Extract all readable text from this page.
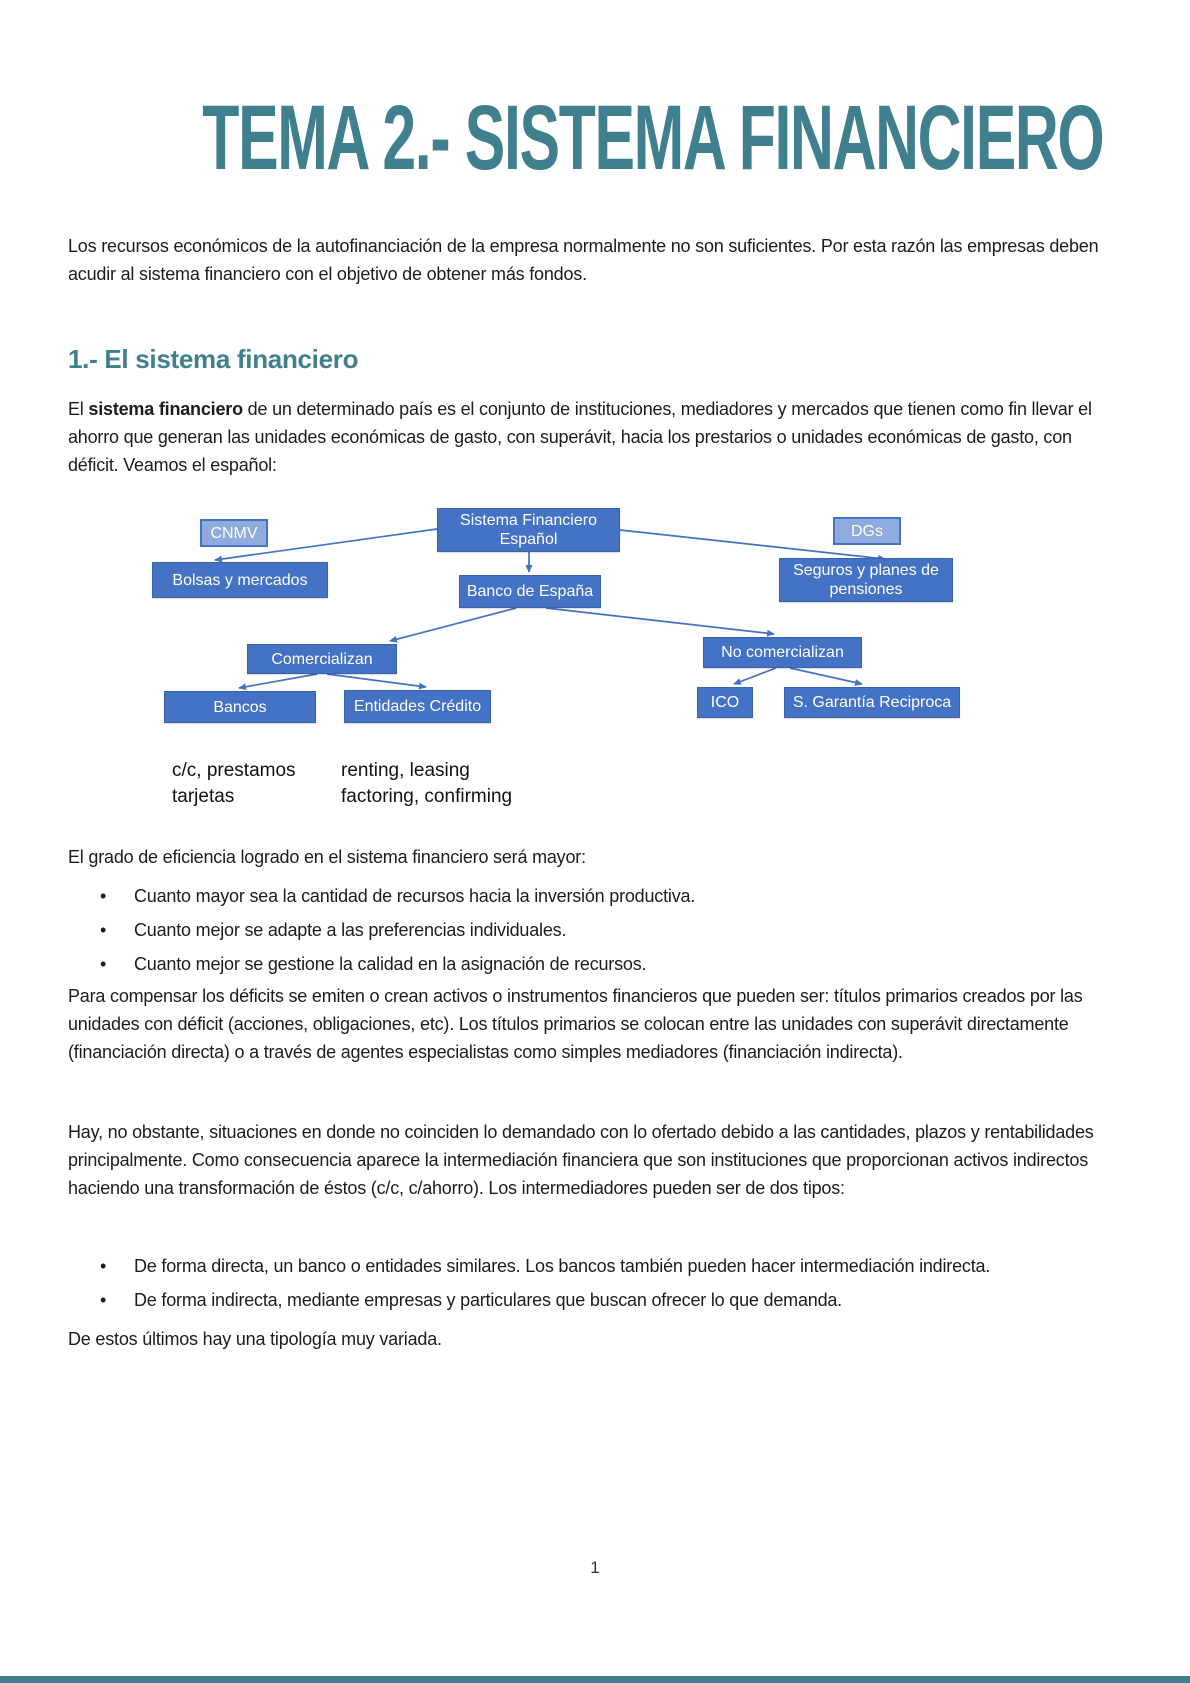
TEMA 2.- SISTEMA FINANCIERO

Los recursos económicos de la autofinanciación de la empresa normalmente no son suficientes. Por esta razón las empresas deben acudir al sistema financiero con el objetivo de obtener más fondos.

1.- El sistema financiero

El sistema financiero de un determinado país es el conjunto de instituciones, mediadores y mercados que tienen como fin llevar el ahorro que generan las unidades económicas de gasto, con superávit, hacia los prestarios o unidades económicas de gasto, con déficit. Veamos el español:

CNMV
Sistema Financiero Español	DGs
Bolsas y mercados
Banco de España
Seguros y planes de pensiones
Comercializan	No comercializan
Bancos	Entidades Crédito	ICO	S. Garantía Reciproca
c/c, prestamos
tarjetas
renting, leasing
factoring, confirming

El grado de eficiencia logrado en el sistema financiero será mayor:

• Cuanto mayor sea la cantidad de recursos hacia la inversión productiva.
• Cuanto mejor se adapte a las preferencias individuales.
• Cuanto mejor se gestione la calidad en la asignación de recursos.

Para compensar los déficits se emiten o crean activos o instrumentos financieros que pueden ser: títulos primarios creados por las unidades con déficit (acciones, obligaciones, etc). Los títulos primarios se colocan entre las unidades con superávit directamente (financiación directa) o a través de agentes especialistas como simples mediadores (financiación indirecta).

Hay, no obstante, situaciones en donde no coinciden lo demandado con lo ofertado debido a las cantidades, plazos y rentabilidades principalmente. Como consecuencia aparece la intermediación financiera que son instituciones que proporcionan activos indirectos haciendo una transformación de éstos (c/c, c/ahorro). Los intermediadores pueden ser de dos tipos:

• De forma directa, un banco o entidades similares. Los bancos también pueden hacer intermediación indirecta.
• De forma indirecta, mediante empresas y particulares que buscan ofrecer lo que demanda.

De estos últimos hay una tipología muy variada.

1
